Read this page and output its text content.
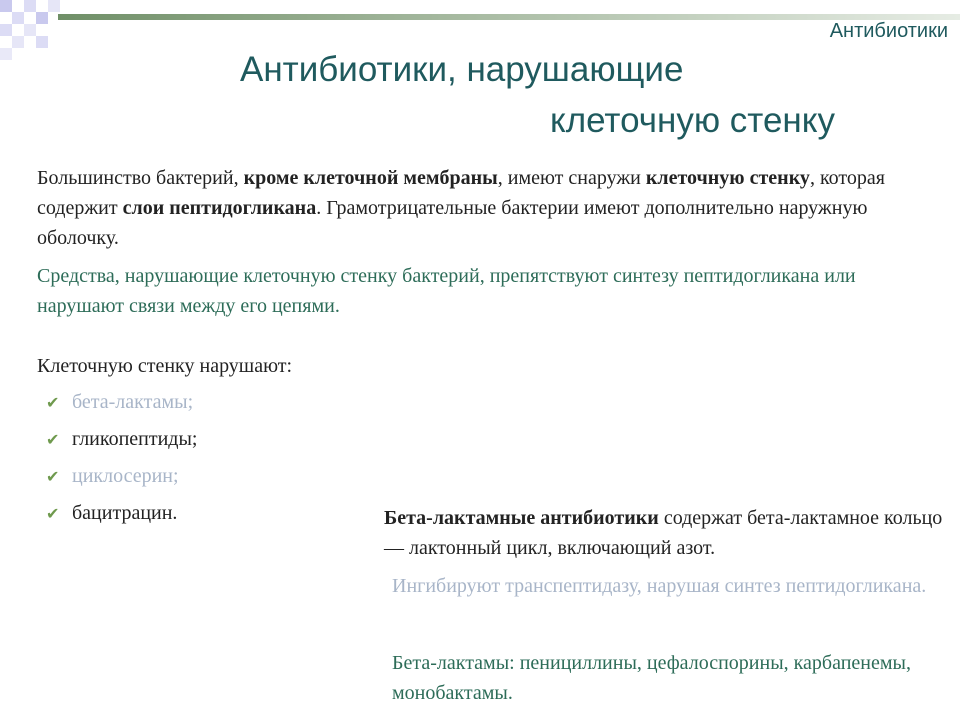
Антибиотики
Антибиотики, нарушающие
клеточную стенку
Большинство бактерий, кроме клеточной мембраны, имеют снаружи клеточную стенку, которая содержит слои пептидогликана. Грамотрицательные бактерии имеют дополнительно наружную оболочку.
Средства, нарушающие клеточную стенку бактерий, препятствуют синтезу пептидогликана или нарушают связи между его цепями.
Клеточную стенку нарушают:
✔ бета-лактамы;
✔ гликопептиды;
✔ циклосерин;
✔ бацитрацин.	Бета-лактамные антибиотики содержат бета-лактамное кольцо — лактонный цикл, включающий азот.
Ингибируют транспептидазу, нарушая синтез пептидогликана.
Бета-лактамы: пенициллины, цефалоспорины, карбапенемы, монобактамы.
